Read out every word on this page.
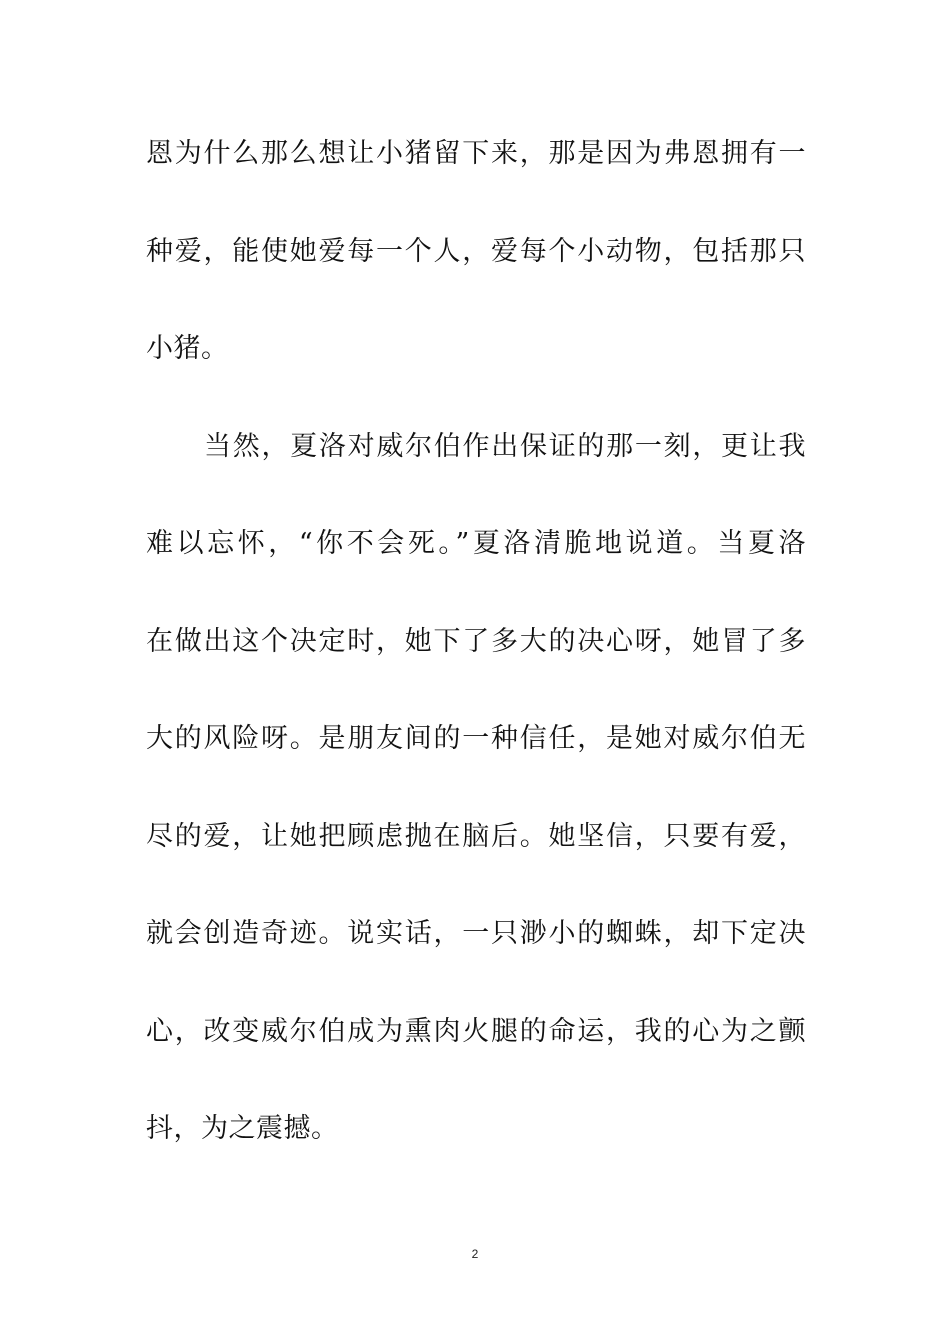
恩为什么那么想让小猪留下来，那是因为弗恩拥有一
种爱，能使她爱每一个人，爱每个小动物，包括那只
小猪。
当然，夏洛对威尔伯作出保证的那一刻，更让我
难以忘怀，“你不会死。”夏洛清脆地说道。当夏洛
在做出这个决定时，她下了多大的决心呀，她冒了多
大的风险呀。是朋友间的一种信任，是她对威尔伯无
尽的爱，让她把顾虑抛在脑后。她坚信，只要有爱，
就会创造奇迹。说实话，一只渺小的蜘蛛，却下定决
心，改变威尔伯成为熏肉火腿的命运，我的心为之颤
抖，为之震撼。
2
